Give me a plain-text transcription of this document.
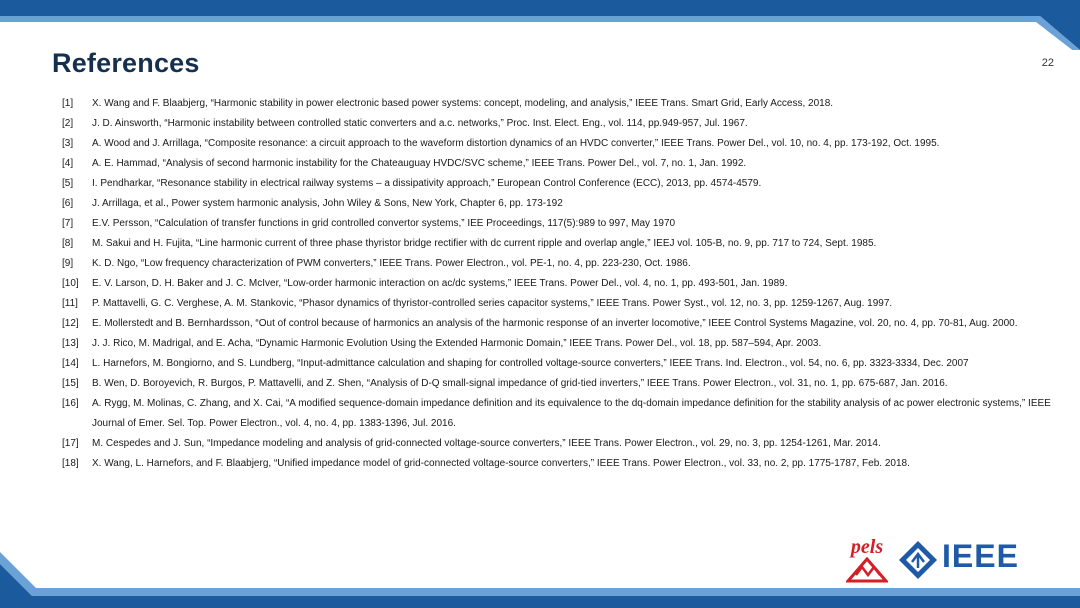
References	22
[1]	X. Wang and F. Blaabjerg, “Harmonic stability in power electronic based power systems: concept, modeling, and analysis,” IEEE Trans. Smart Grid, Early Access, 2018.
[2]	J. D. Ainsworth, “Harmonic instability between controlled static converters and a.c. networks,” Proc. Inst. Elect. Eng., vol. 114, pp.949-957, Jul. 1967.
[3]	A. Wood and J. Arrillaga, “Composite resonance: a circuit approach to the waveform distortion dynamics of an HVDC converter,” IEEE Trans. Power Del., vol. 10, no. 4, pp. 173-192, Oct. 1995.
[4]	A. E. Hammad, “Analysis of second harmonic instability for the Chateauguay HVDC/SVC scheme,” IEEE Trans. Power Del., vol. 7, no. 1, Jan. 1992.
[5]	I. Pendharkar, “Resonance stability in electrical railway systems – a dissipativity approach,” European Control Conference (ECC), 2013, pp. 4574-4579.
[6]	J. Arrillaga, et al., Power system harmonic analysis, John Wiley & Sons, New York, Chapter 6, pp. 173-192
[7]	E.V. Persson, “Calculation of transfer functions in grid controlled convertor systems,” IEE Proceedings, 117(5):989 to 997, May 1970
[8]	M. Sakui and H. Fujita, “Line harmonic current of three phase thyristor bridge rectifier with dc current ripple and overlap angle,” IEEJ vol. 105-B, no. 9, pp. 717 to 724, Sept. 1985.
[9]	K. D. Ngo, “Low frequency characterization of PWM converters,” IEEE Trans. Power Electron., vol. PE-1, no. 4, pp. 223-230, Oct. 1986.
[10]	E. V. Larson, D. H. Baker and J. C. McIver, “Low-order harmonic interaction on ac/dc systems,” IEEE Trans. Power Del., vol. 4, no. 1, pp. 493-501, Jan. 1989.
[11]	P. Mattavelli, G. C. Verghese, A. M. Stankovic, “Phasor dynamics of thyristor-controlled series capacitor systems,” IEEE Trans. Power Syst., vol. 12, no. 3, pp. 1259-1267, Aug. 1997.
[12]	E. Mollerstedt and B. Bernhardsson, “Out of control because of harmonics an analysis of the harmonic response of an inverter locomotive,” IEEE Control Systems Magazine, vol. 20, no. 4, pp. 70-81, Aug. 2000.
[13]	J. J. Rico, M. Madrigal, and E. Acha, “Dynamic Harmonic Evolution Using the Extended Harmonic Domain,” IEEE Trans. Power Del., vol. 18, pp. 587–594, Apr. 2003.
[14]	L. Harnefors, M. Bongiorno, and S. Lundberg, “Input-admittance calculation and shaping for controlled voltage-source converters,” IEEE Trans. Ind. Electron., vol. 54, no. 6, pp. 3323-3334, Dec. 2007
[15]	B. Wen, D. Boroyevich, R. Burgos, P. Mattavelli, and Z. Shen, “Analysis of D-Q small-signal impedance of grid-tied inverters,” IEEE Trans. Power Electron., vol. 31, no. 1, pp. 675-687, Jan. 2016.
[16]	A. Rygg, M. Molinas, C. Zhang, and X. Cai, “A modified sequence-domain impedance definition and its equivalence to the dq-domain impedance definition for the stability analysis of ac power electronic systems,” IEEE Journal of Emer. Sel. Top. Power Electron., vol. 4, no. 4, pp. 1383-1396, Jul. 2016.
[17]	M. Cespedes and J. Sun, “Impedance modeling and analysis of grid-connected voltage-source converters,” IEEE Trans. Power Electron., vol. 29, no. 3, pp. 1254-1261, Mar. 2014.
[18]	X. Wang, L. Harnefors, and F. Blaabjerg, “Unified impedance model of grid-connected voltage-source converters,” IEEE Trans. Power Electron., vol. 33, no. 2, pp. 1775-1787, Feb. 2018.
pels IEEE
